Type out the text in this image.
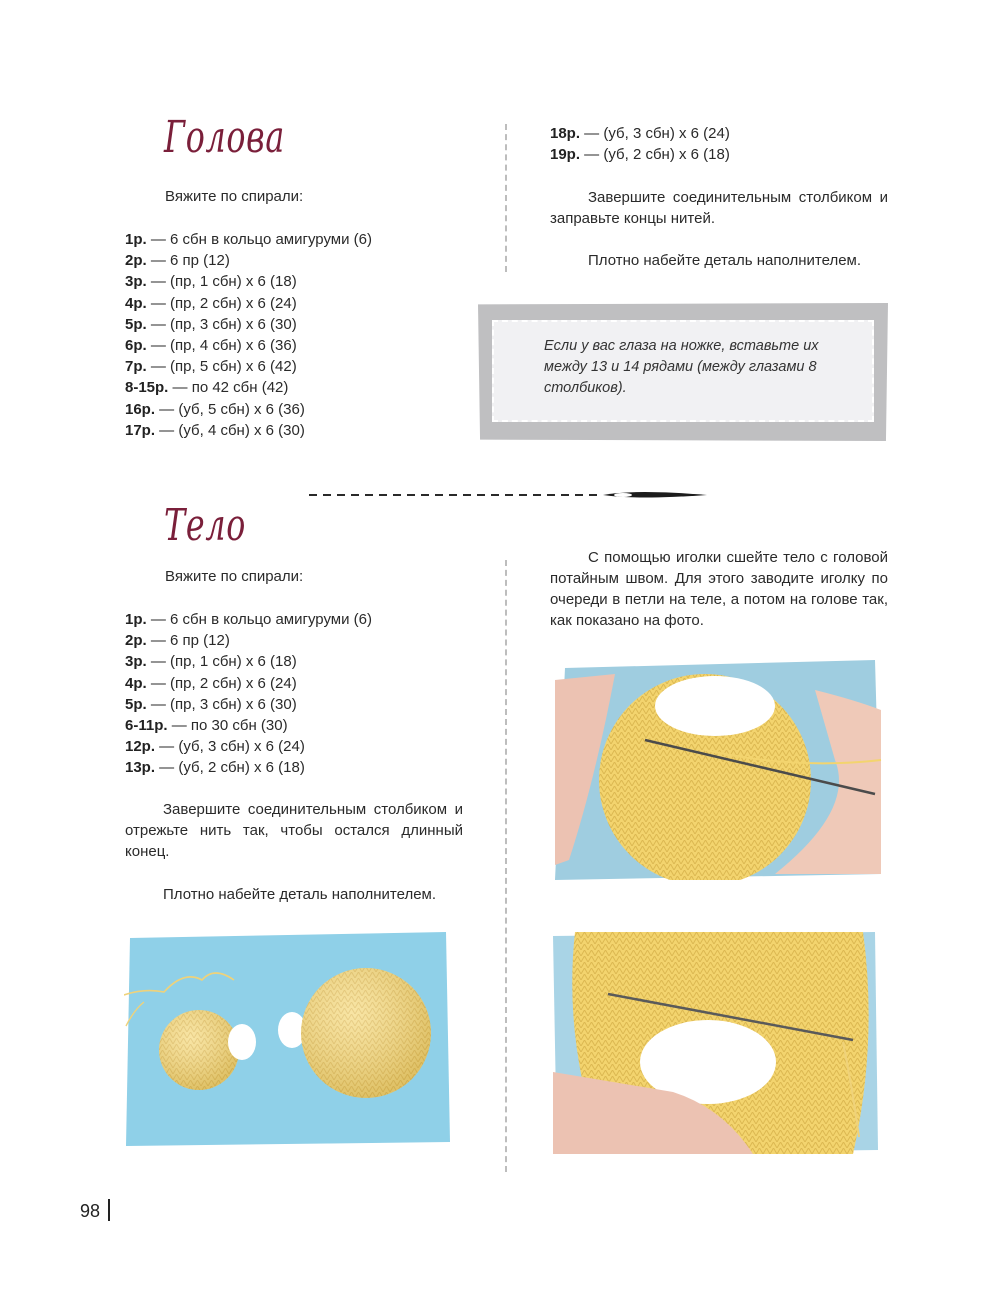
Голова
Вяжите по спирали:
1р. — 6 сбн в кольцо амигуруми (6)
2р. — 6 пр (12)
3р. — (пр, 1 сбн) х 6 (18)
4р. — (пр, 2 сбн) х 6 (24)
5р. — (пр, 3 сбн) х 6 (30)
6р. — (пр, 4 сбн) х 6 (36)
7р. — (пр, 5 сбн) х 6 (42)
8-15р. — по 42 сбн (42)
16р. — (уб, 5 сбн) х 6 (36)
17р. — (уб, 4 сбн) х 6 (30)
18р. — (уб, 3 сбн) х 6 (24)
19р. — (уб, 2 сбн) х 6 (18)
Завершите соединительным столбиком и заправьте концы нитей.
Плотно набейте деталь наполнителем.
Если у вас глаза на ножке, вставьте их между 13 и 14 рядами (между глазами 8 столбиков).
Тело
Вяжите по спирали:
1р. — 6 сбн в кольцо амигуруми (6)
2р. — 6 пр (12)
3р. — (пр, 1 сбн) х 6 (18)
4р. — (пр, 2 сбн) х 6 (24)
5р. — (пр, 3 сбн) х 6 (30)
6-11р. — по 30 сбн (30)
12р. — (уб, 3 сбн) х 6 (24)
13р. — (уб, 2 сбн) х 6 (18)
Завершите соединительным столбиком и отрежьте нить так, чтобы остался длинный конец.
Плотно набейте деталь наполнителем.
С помощью иголки сшейте тело с головой потайным швом. Для этого заводите иголку по очереди в петли на теле, а потом на голове так, как показано на фото.
98
